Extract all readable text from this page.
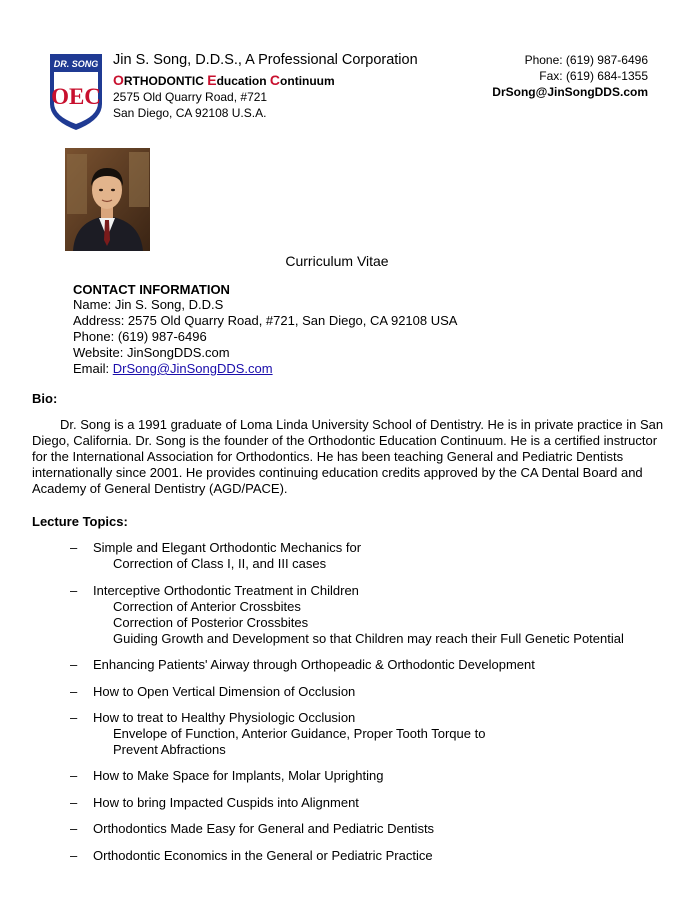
DR. SONG
OEC
Jin S. Song, D.D.S., A Professional Corporation
ORTHODONTIC Education Continuum
2575 Old Quarry Road, #721
San Diego, CA 92108 U.S.A.
Phone: (619) 987-6496
Fax: (619) 684-1355
DrSong@JinSongDDS.com
Curriculum Vitae
CONTACT INFORMATION
Name: Jin S. Song, D.D.S
Address: 2575 Old Quarry Road, #721, San Diego, CA 92108 USA
Phone: (619) 987-6496
Website: JinSongDDS.com
Email: DrSong@JinSongDDS.com
Bio:

Dr. Song is a 1991 graduate of Loma Linda University School of Dentistry. He is in private practice in San Diego, California. Dr. Song is the founder of the Orthodontic Education Continuum. He is a certified instructor for the International Association for Orthodontics. He has been teaching General and Pediatric Dentists internationally since 2001. He provides continuing education credits approved by the CA Dental Board and Academy of General Dentistry (AGD/PACE).

Lecture Topics:
– Simple and Elegant Orthodontic Mechanics for
Correction of Class I, II, and III cases
– Interceptive Orthodontic Treatment in Children
Correction of Anterior Crossbites
Correction of Posterior Crossbites
Guiding Growth and Development so that Children may reach their Full Genetic Potential
– Enhancing Patients' Airway through Orthopeadic & Orthodontic Development
– How to Open Vertical Dimension of Occlusion
– How to treat to Healthy Physiologic Occlusion
Envelope of Function, Anterior Guidance, Proper Tooth Torque to
Prevent Abfractions
– How to Make Space for Implants, Molar Uprighting
– How to bring Impacted Cuspids into Alignment
– Orthodontics Made Easy for General and Pediatric Dentists
– Orthodontic Economics in the General or Pediatric Practice
